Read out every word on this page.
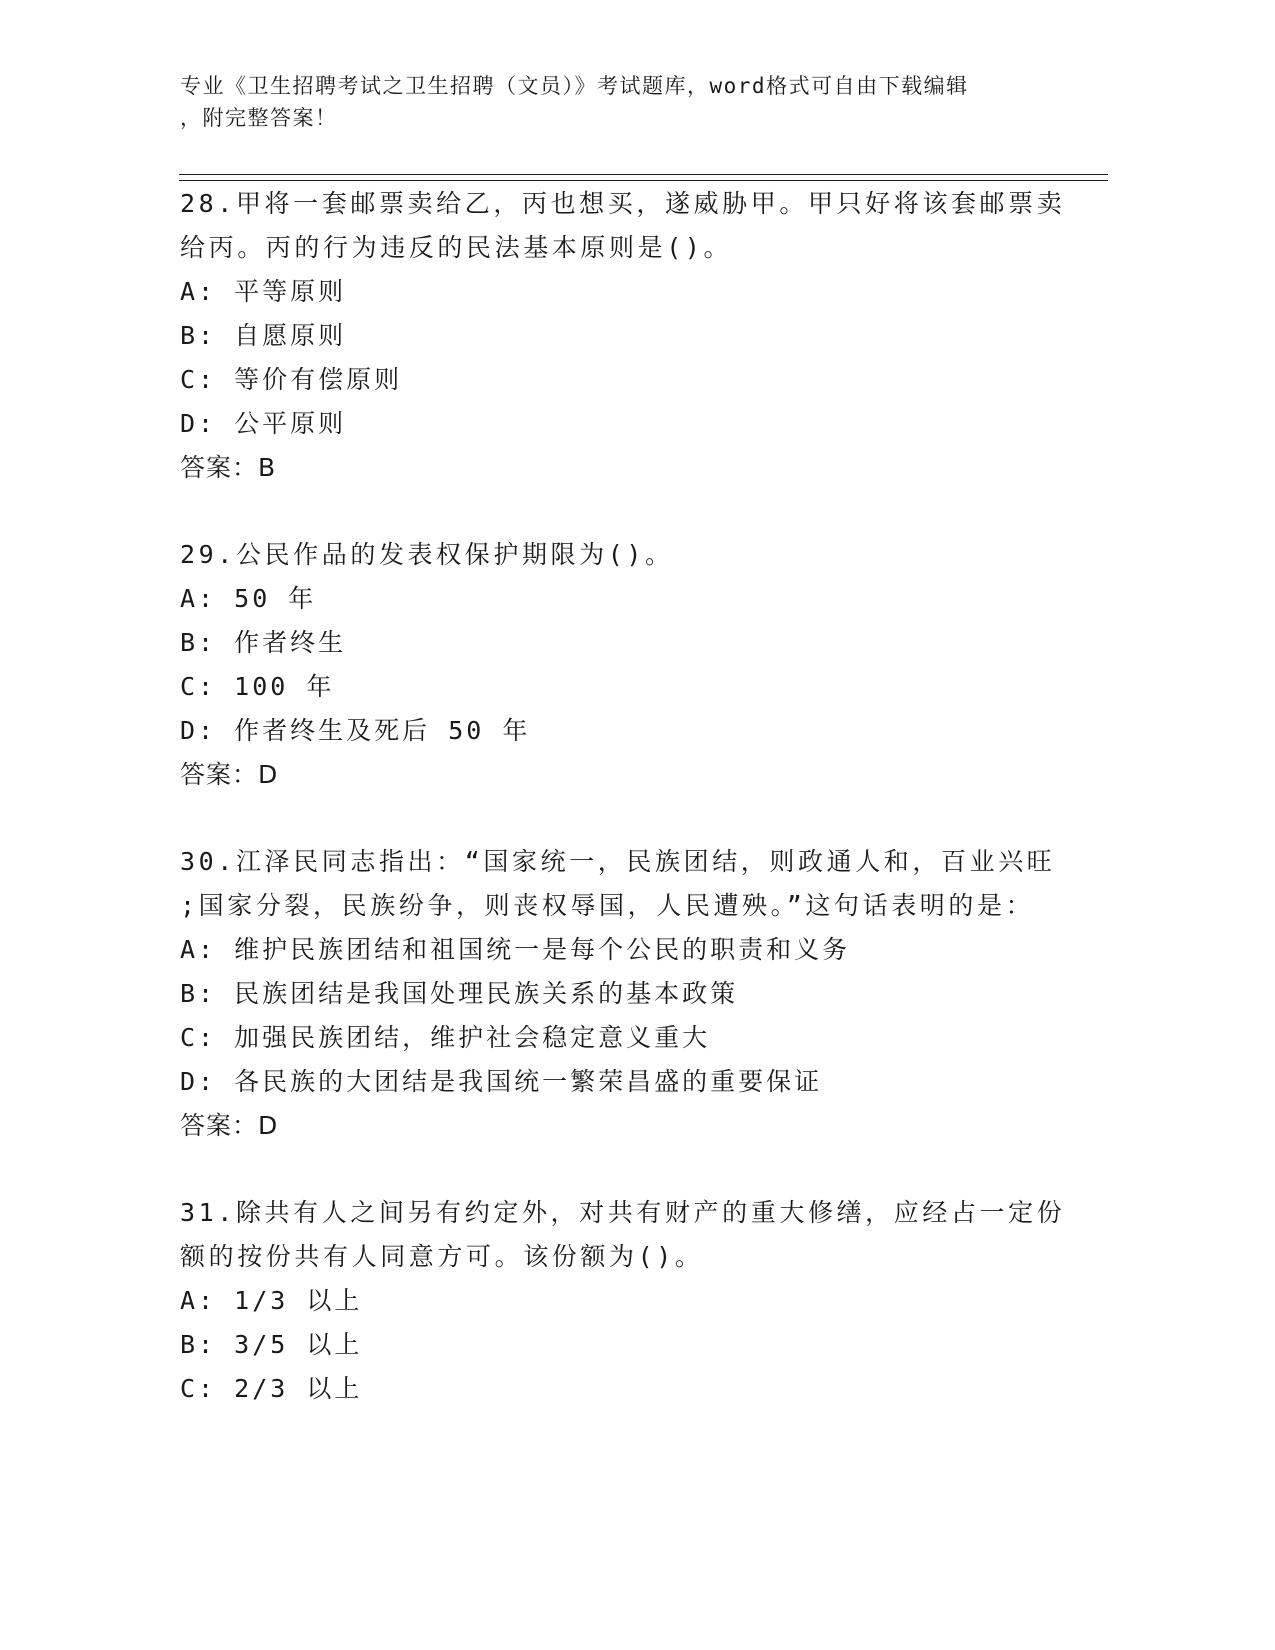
专业《卫生招聘考试之卫生招聘（文员）》考试题库，word格式可自由下载编辑
，附完整答案！
28.甲将一套邮票卖给乙，丙也想买，遂威胁甲。甲只好将该套邮票卖
给丙。丙的行为违反的民法基本原则是()。
A: 平等原则
B: 自愿原则
C: 等价有偿原则
D: 公平原则
答案：B
29.公民作品的发表权保护期限为()。
A: 50 年
B: 作者终生
C: 100 年
D: 作者终生及死后 50 年
答案：D
30.江泽民同志指出：“国家统一，民族团结，则政通人和，百业兴旺
;国家分裂，民族纷争，则丧权辱国，人民遭殃。”这句话表明的是：
A: 维护民族团结和祖国统一是每个公民的职责和义务
B: 民族团结是我国处理民族关系的基本政策
C: 加强民族团结，维护社会稳定意义重大
D: 各民族的大团结是我国统一繁荣昌盛的重要保证
答案：D
31.除共有人之间另有约定外，对共有财产的重大修缮，应经占一定份
额的按份共有人同意方可。该份额为()。
A: 1/3 以上
B: 3/5 以上
C: 2/3 以上
